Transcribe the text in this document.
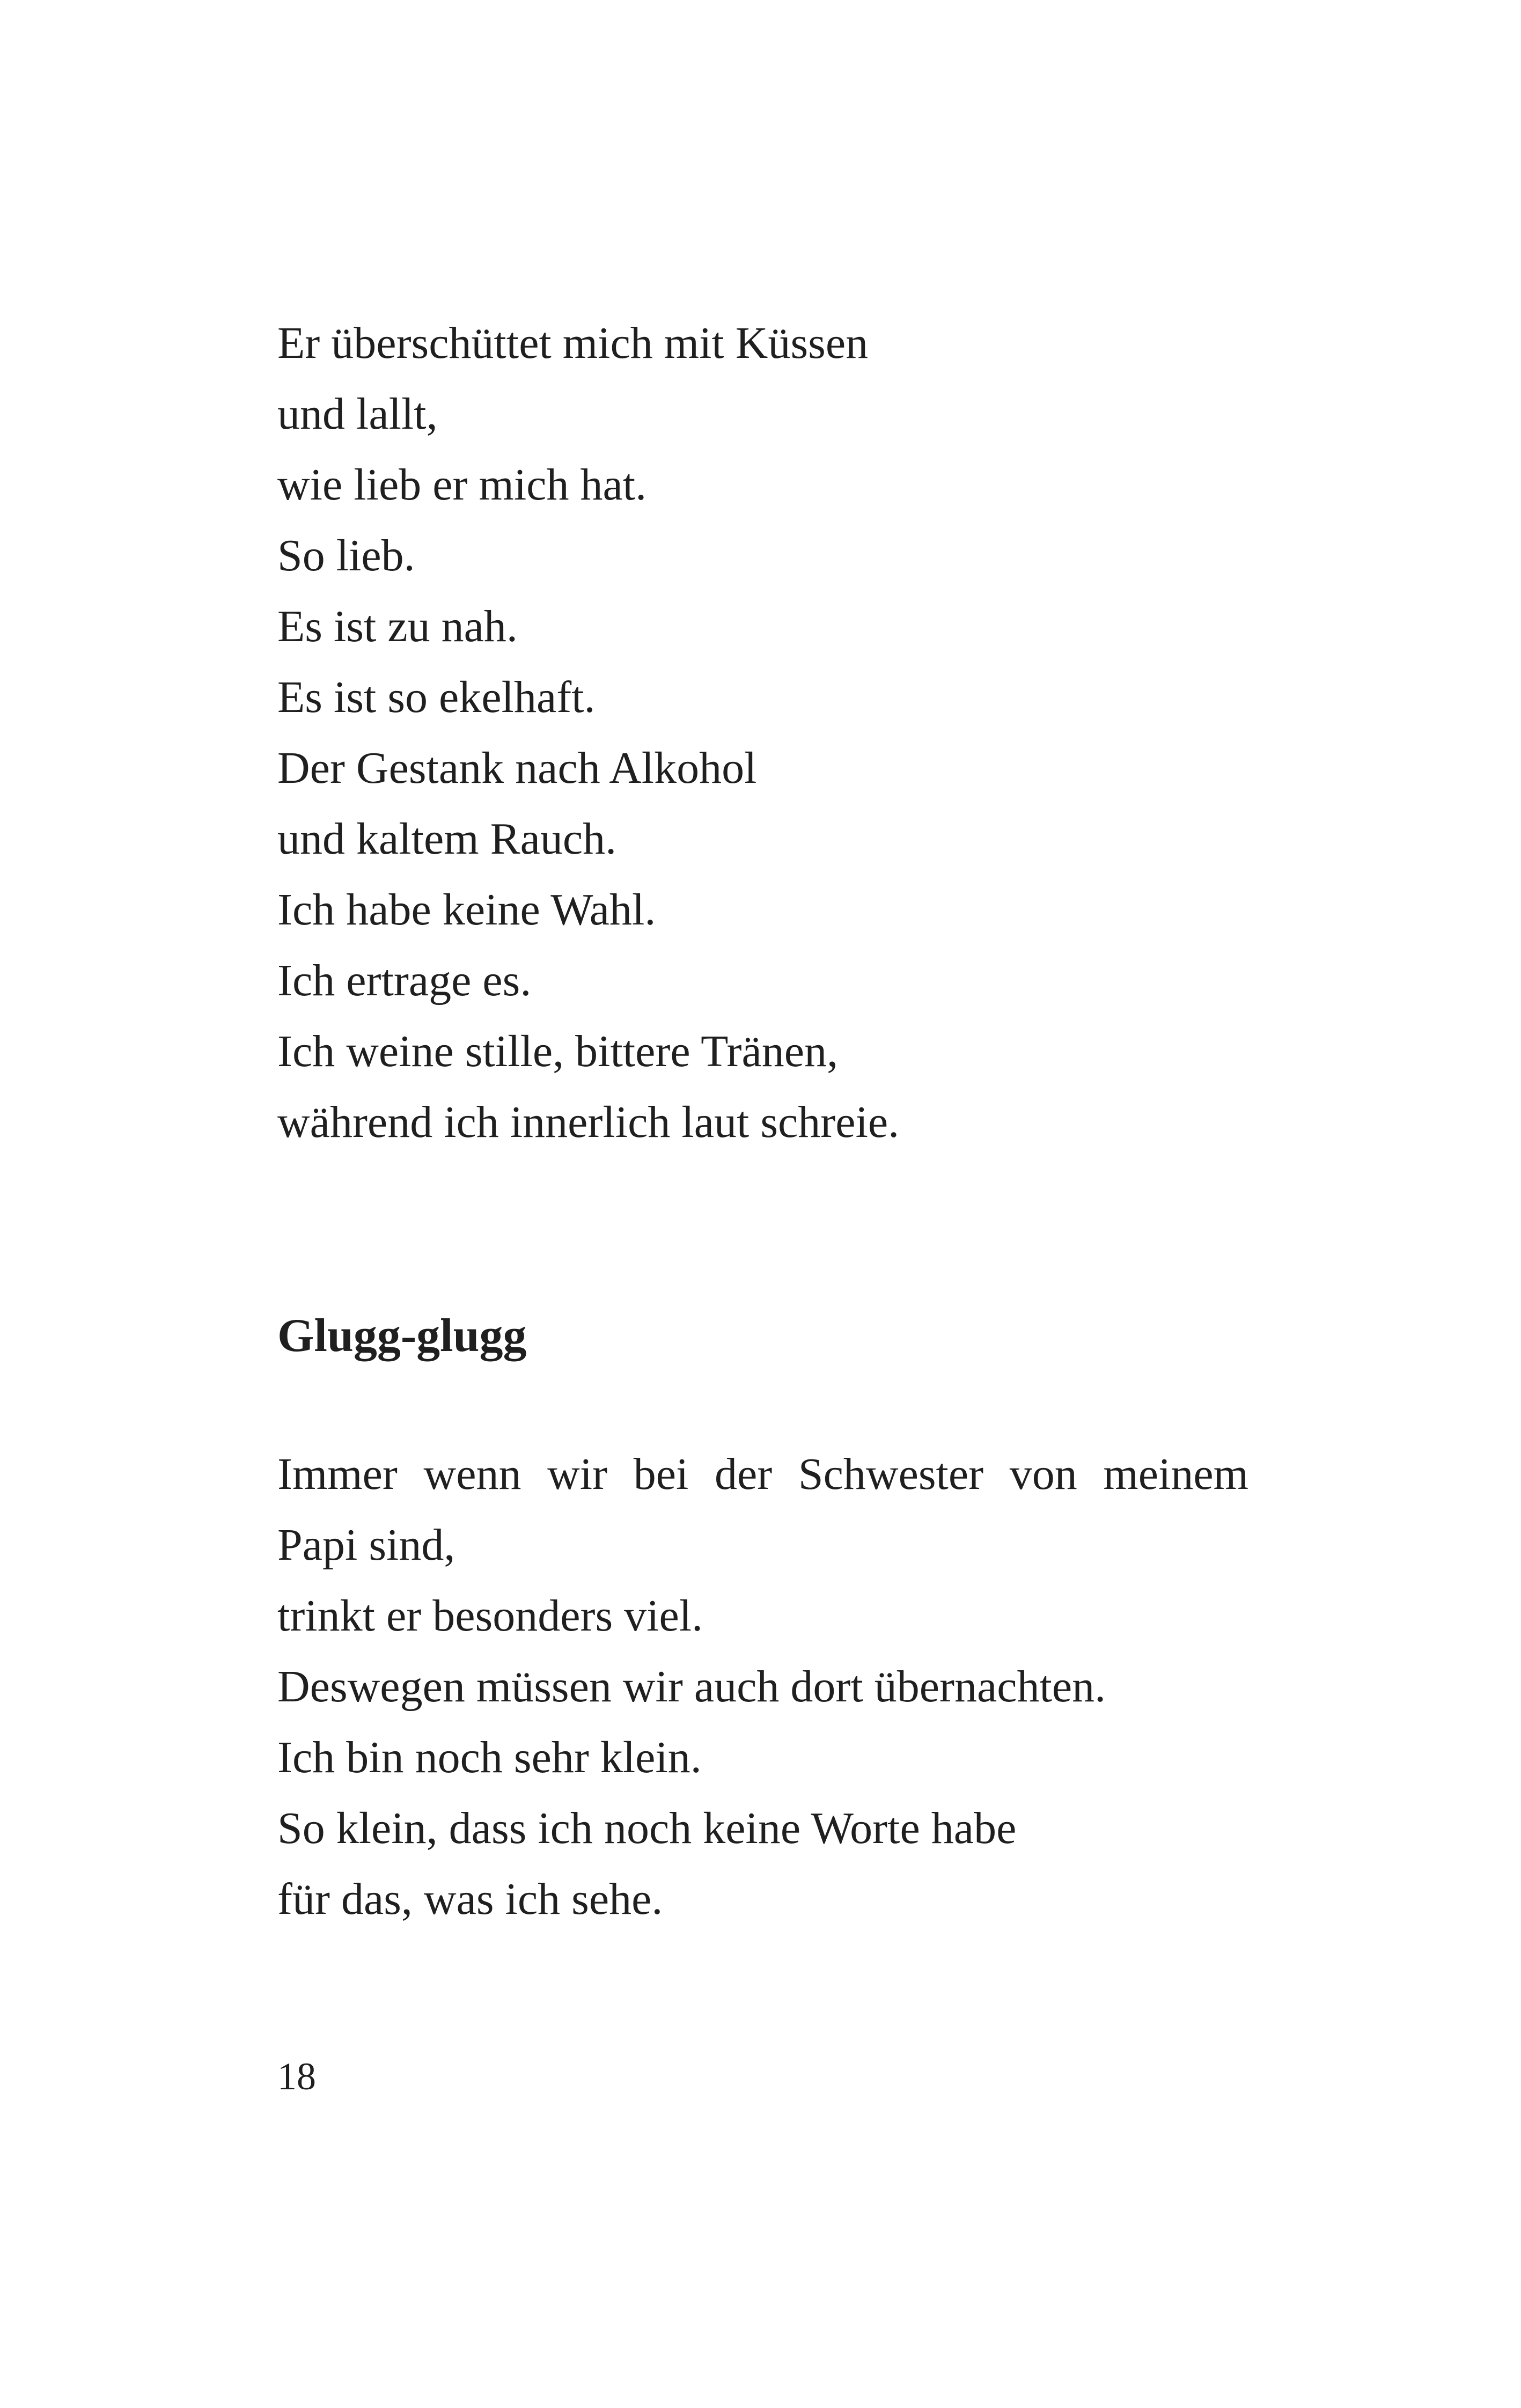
Er überschüttet mich mit Küssen
und lallt,
wie lieb er mich hat.
So lieb.
Es ist zu nah.
Es ist so ekelhaft.
Der Gestank nach Alkohol
und kaltem Rauch.
Ich habe keine Wahl.
Ich ertrage es.
Ich weine stille, bittere Tränen,
während ich innerlich laut schreie.
Glugg-glugg
Immer wenn wir bei der Schwester von meinem
Papi sind,
trinkt er besonders viel.
Deswegen müssen wir auch dort übernachten.
Ich bin noch sehr klein.
So klein, dass ich noch keine Worte habe
für das, was ich sehe.
18
